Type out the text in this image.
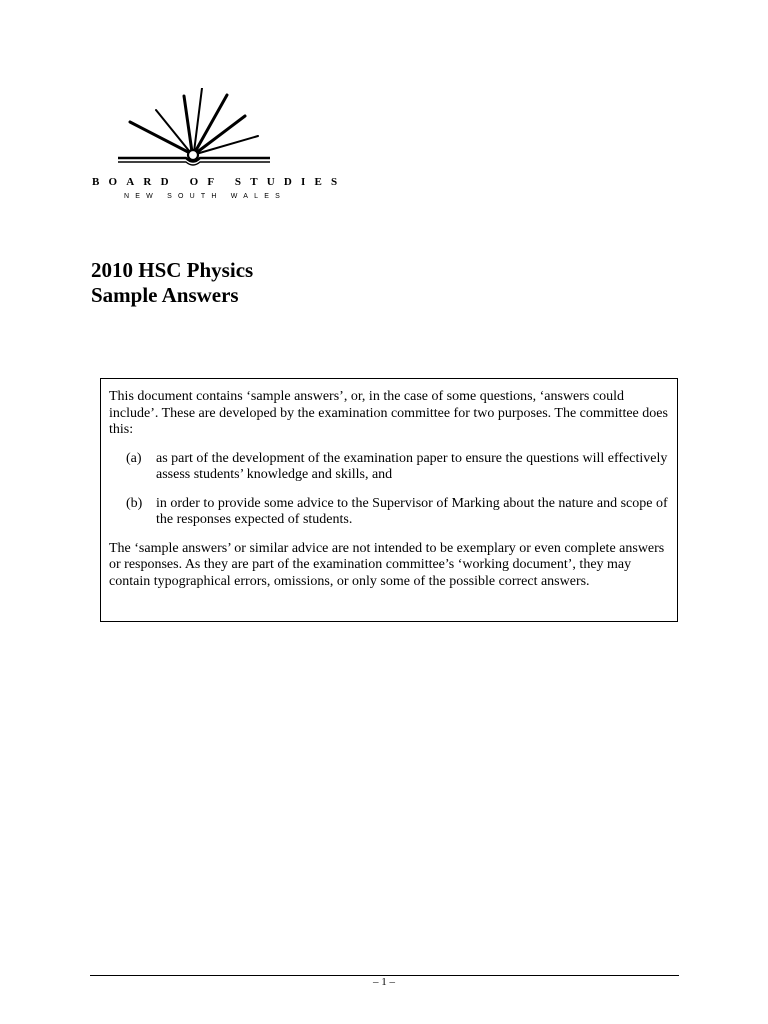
BOARD OF STUDIES
NEW SOUTH WALES
2010 HSC Physics
Sample Answers

This document contains ‘sample answers’, or, in the case of some questions, ‘answers could include’. These are developed by the examination committee for two purposes. The committee does this:

(a)	as part of the development of the examination paper to ensure the questions will effectively assess students’ knowledge and skills, and
(b) in order to provide some advice to the Supervisor of Marking about the nature and scope of the responses expected of students.

The ‘sample answers’ or similar advice are not intended to be exemplary or even complete answers or responses. As they are part of the examination committee’s ‘working document’, they may contain typographical errors, omissions, or only some of the possible correct answers.

– 1 –
